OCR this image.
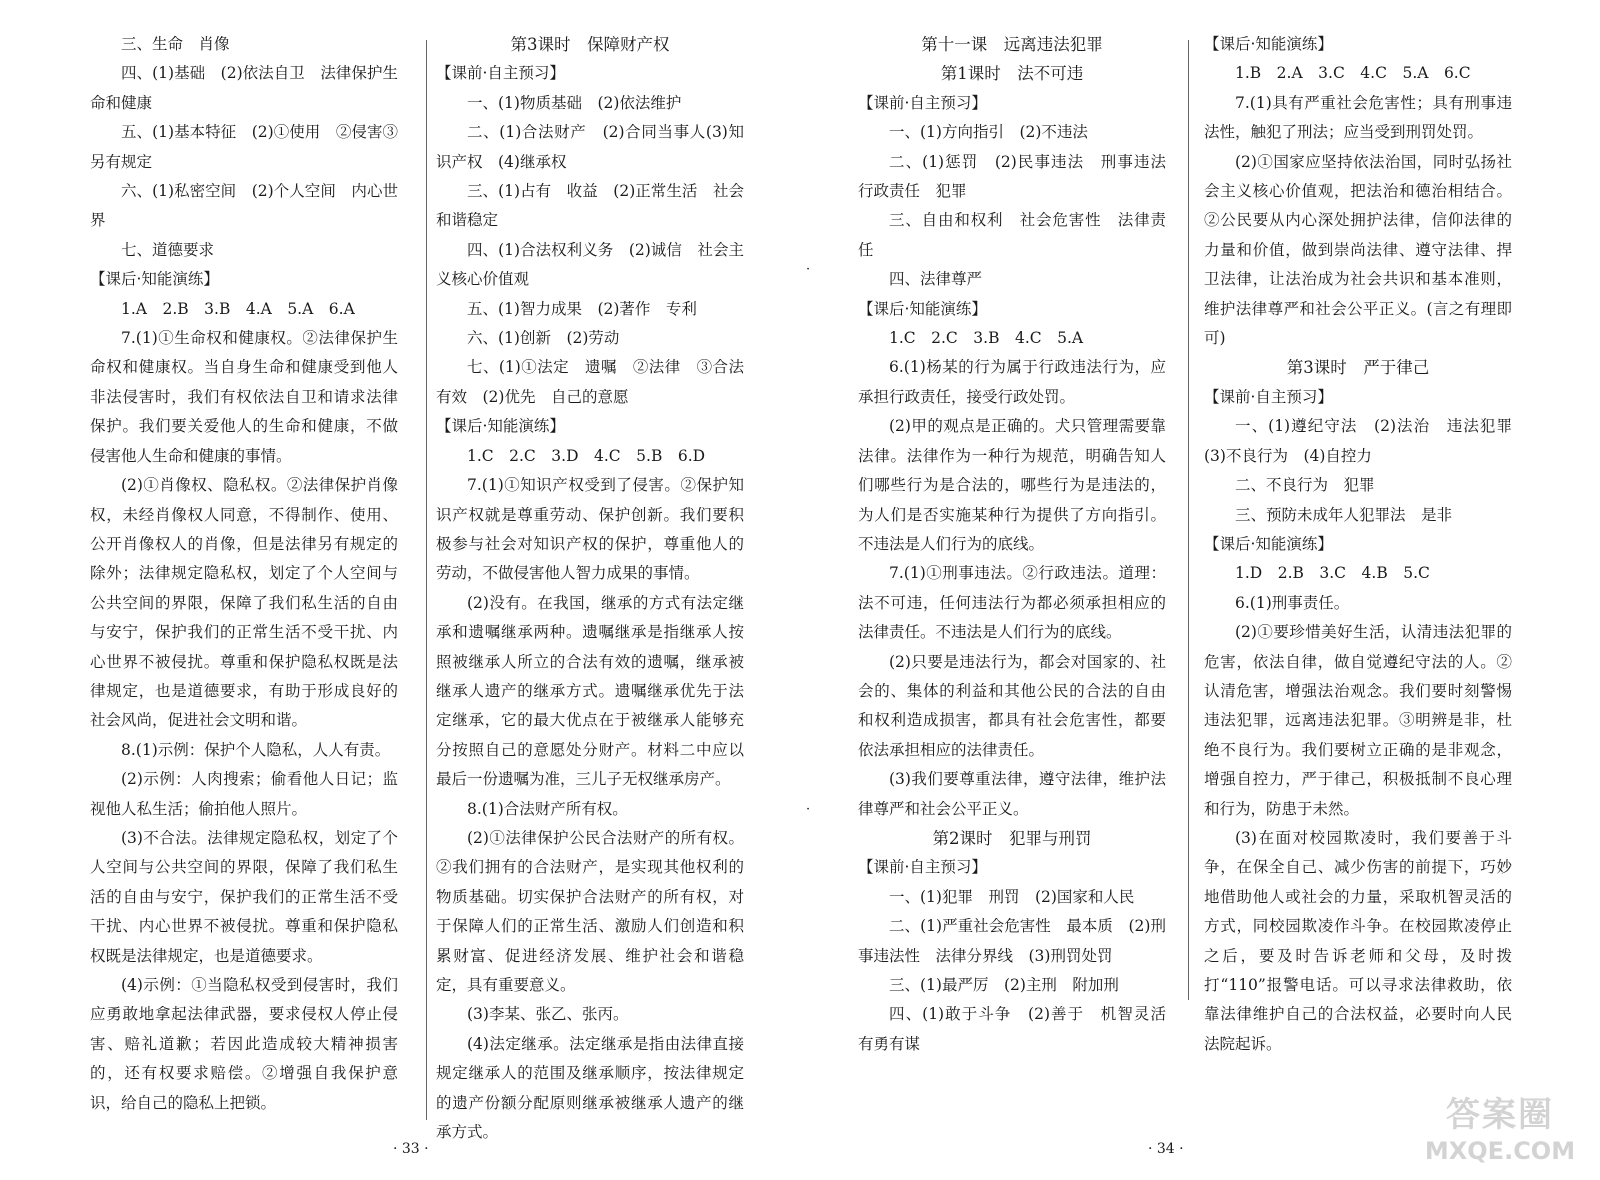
三、生命　肖像

四、(1)基础　(2)依法自卫　法律保护生命和健康

五、(1)基本特征　(2)①使用　②侵害③另有规定

六、(1)私密空间　(2)个人空间　内心世界

七、道德要求

【课后·知能演练】

1.A　2.B　3.B　4.A　5.A　6.A

7.(1)①生命权和健康权。②法律保护生命权和健康权。当自身生命和健康受到他人非法侵害时，我们有权依法自卫和请求法律保护。我们要关爱他人的生命和健康，不做侵害他人生命和健康的事情。

(2)①肖像权、隐私权。②法律保护肖像权，未经肖像权人同意，不得制作、使用、公开肖像权人的肖像，但是法律另有规定的除外；法律规定隐私权，划定了个人空间与公共空间的界限，保障了我们私生活的自由与安宁，保护我们的正常生活不受干扰、内心世界不被侵扰。尊重和保护隐私权既是法律规定，也是道德要求，有助于形成良好的社会风尚，促进社会文明和谐。

8.(1)示例：保护个人隐私，人人有责。

(2)示例：人肉搜索；偷看他人日记；监视他人私生活；偷拍他人照片。

(3)不合法。法律规定隐私权，划定了个人空间与公共空间的界限，保障了我们私生活的自由与安宁，保护我们的正常生活不受干扰、内心世界不被侵扰。尊重和保护隐私权既是法律规定，也是道德要求。

(4)示例：①当隐私权受到侵害时，我们应勇敢地拿起法律武器，要求侵权人停止侵害、赔礼道歉；若因此造成较大精神损害的，还有权要求赔偿。②增强自我保护意识，给自己的隐私上把锁。

第3课时　保障财产权

【课前·自主预习】

一、(1)物质基础　(2)依法维护

二、(1)合法财产　(2)合同当事人(3)知识产权　(4)继承权

三、(1)占有　收益　(2)正常生活　社会和谐稳定

四、(1)合法权利义务　(2)诚信　社会主义核心价值观

五、(1)智力成果　(2)著作　专利

六、(1)创新　(2)劳动

七、(1)①法定　遗嘱　②法律　③合法有效　(2)优先　自己的意愿

【课后·知能演练】

1.C　2.C　3.D　4.C　5.B　6.D

7.(1)①知识产权受到了侵害。②保护知识产权就是尊重劳动、保护创新。我们要积极参与社会对知识产权的保护，尊重他人的劳动，不做侵害他人智力成果的事情。

(2)没有。在我国，继承的方式有法定继承和遗嘱继承两种。遗嘱继承是指继承人按照被继承人所立的合法有效的遗嘱，继承被继承人遗产的继承方式。遗嘱继承优先于法定继承，它的最大优点在于被继承人能够充分按照自己的意愿处分财产。材料二中应以最后一份遗嘱为准，三儿子无权继承房产。

8.(1)合法财产所有权。

(2)①法律保护公民合法财产的所有权。②我们拥有的合法财产，是实现其他权利的物质基础。切实保护合法财产的所有权，对于保障人们的正常生活、激励人们创造和积累财富、促进经济发展、维护社会和谐稳定，具有重要意义。

(3)李某、张乙、张丙。

(4)法定继承。法定继承是指由法律直接规定继承人的范围及继承顺序，按法律规定的遗产份额分配原则继承被继承人遗产的继承方式。

第十一课　远离违法犯罪

第1课时　法不可违

【课前·自主预习】

一、(1)方向指引　(2)不违法

二、(1)惩罚　(2)民事违法　刑事违法　行政责任　犯罪

三、自由和权利　社会危害性　法律责任

四、法律尊严

【课后·知能演练】

1.C　2.C　3.B　4.C　5.A

6.(1)杨某的行为属于行政违法行为，应承担行政责任，接受行政处罚。

(2)甲的观点是正确的。犬只管理需要靠法律。法律作为一种行为规范，明确告知人们哪些行为是合法的，哪些行为是违法的，为人们是否实施某种行为提供了方向指引。不违法是人们行为的底线。

7.(1)①刑事违法。②行政违法。道理：法不可违，任何违法行为都必须承担相应的法律责任。不违法是人们行为的底线。

(2)只要是违法行为，都会对国家的、社会的、集体的利益和其他公民的合法的自由和权利造成损害，都具有社会危害性，都要依法承担相应的法律责任。

(3)我们要尊重法律，遵守法律，维护法律尊严和社会公平正义。

第2课时　犯罪与刑罚

【课前·自主预习】

一、(1)犯罪　刑罚　(2)国家和人民

二、(1)严重社会危害性　最本质　(2)刑事违法性　法律分界线　(3)刑罚处罚

三、(1)最严厉　(2)主刑　附加刑

四、(1)敢于斗争　(2)善于　机智灵活　有勇有谋

【课后·知能演练】

1.B　2.A　3.C　4.C　5.A　6.C

7.(1)具有严重社会危害性；具有刑事违法性，触犯了刑法；应当受到刑罚处罚。

(2)①国家应坚持依法治国，同时弘扬社会主义核心价值观，把法治和德治相结合。②公民要从内心深处拥护法律，信仰法律的力量和价值，做到崇尚法律、遵守法律、捍卫法律，让法治成为社会共识和基本准则，维护法律尊严和社会公平正义。(言之有理即可)

第3课时　严于律己

【课前·自主预习】

一、(1)遵纪守法　(2)法治　违法犯罪(3)不良行为　(4)自控力

二、不良行为　犯罪

三、预防未成年人犯罪法　是非

【课后·知能演练】

1.D　2.B　3.C　4.B　5.C

6.(1)刑事责任。

(2)①要珍惜美好生活，认清违法犯罪的危害，依法自律，做自觉遵纪守法的人。②认清危害，增强法治观念。我们要时刻警惕违法犯罪，远离违法犯罪。③明辨是非，杜绝不良行为。我们要树立正确的是非观念，增强自控力，严于律己，积极抵制不良心理和行为，防患于未然。

(3)在面对校园欺凌时，我们要善于斗争，在保全自己、减少伤害的前提下，巧妙地借助他人或社会的力量，采取机智灵活的方式，同校园欺凌作斗争。在校园欺凌停止之后，要及时告诉老师和父母，及时拨打“110”报警电话。可以寻求法律救助，依靠法律维护自己的合法权益，必要时向人民法院起诉。

·
·
· 33 ·	· 34 ·
答案圈
MXQE.COM
